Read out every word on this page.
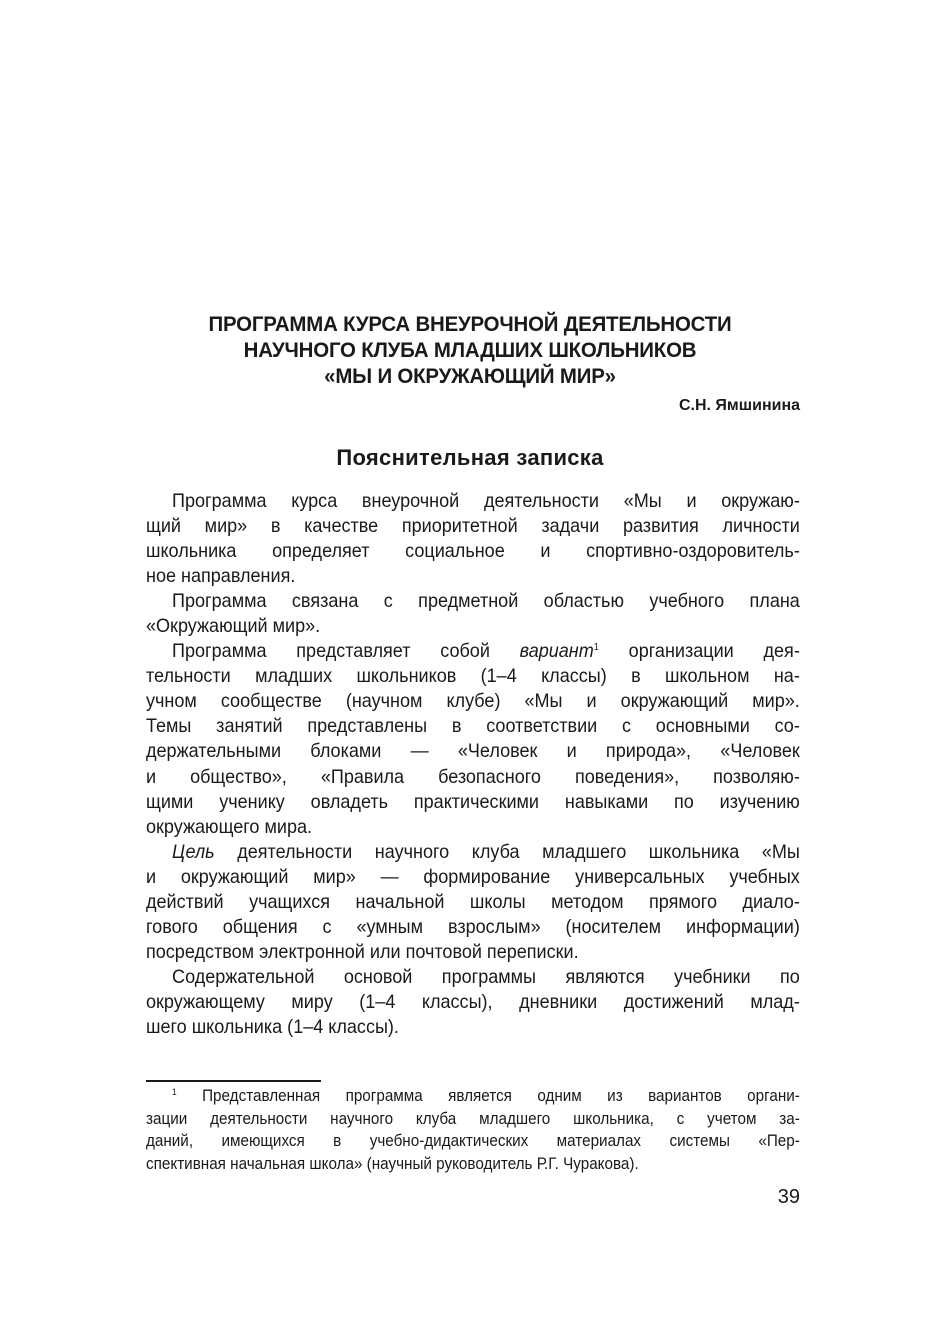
ПРОГРАММА КУРСА ВНЕУРОЧНОЙ ДЕЯТЕЛЬНОСТИ
НАУЧНОГО КЛУБА МЛАДШИХ ШКОЛЬНИКОВ
«МЫ И ОКРУЖАЮЩИЙ МИР»
С.Н. Ямшинина
Пояснительная записка
Программа курса внеурочной деятельности «Мы и окружаю-
щий мир» в качестве приоритетной задачи развития личности
школьника определяет социальное и спортивно-оздоровитель-
ное направления.
Программа связана с предметной областью учебного плана
«Окружающий мир».
Программа представляет собой вариант$^1$ организации дея-
тельности младших школьников (1–4 классы) в школьном на-
учном сообществе (научном клубе) «Мы и окружающий мир».
Темы занятий представлены в соответствии с основными со-
держательными блоками — «Человек и природа», «Человек
и общество», «Правила безопасного поведения», позволяю-
щими ученику овладеть практическими навыками по изучению
окружающего мира.
Цель деятельности научного клуба младшего школьника «Мы
и окружающий мир» — формирование универсальных учебных
действий учащихся начальной школы методом прямого диало-
гового общения с «умным взрослым» (носителем информации)
посредством электронной или почтовой переписки.
Содержательной основой программы являются учебники по
окружающему миру (1–4 классы), дневники достижений млад-
шего школьника (1–4 классы).
$^1$ Представленная программа является одним из вариантов органи-
зации деятельности научного клуба младшего школьника, с учетом за-
даний, имеющихся в учебно-дидактических материалах системы «Пер-
спективная начальная школа» (научный руководитель Р.Г. Чуракова).
39
